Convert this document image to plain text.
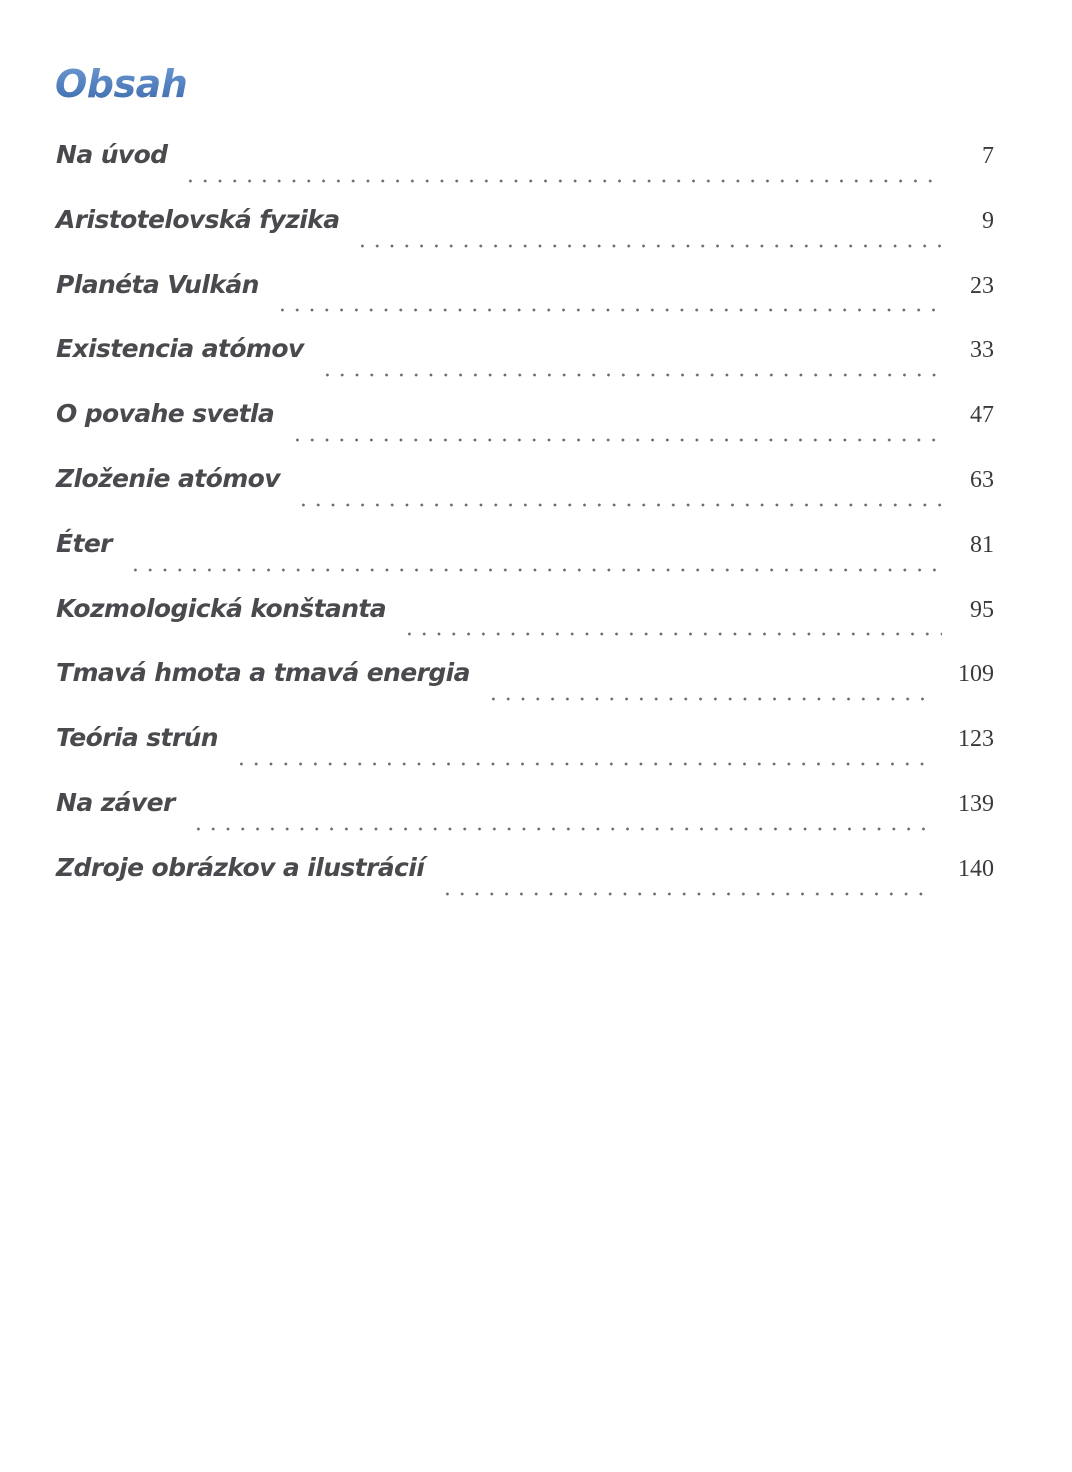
Obsah
Na úvod	7
Aristotelovská fyzika	9
Planéta Vulkán	23
Existencia atómov	33
O povahe svetla	47
Zloženie atómov	63
Éter	81
Kozmologická konštanta	95
Tmavá hmota a tmavá energia	109
Teória strún	123
Na záver	139
Zdroje obrázkov a ilustrácií	140
